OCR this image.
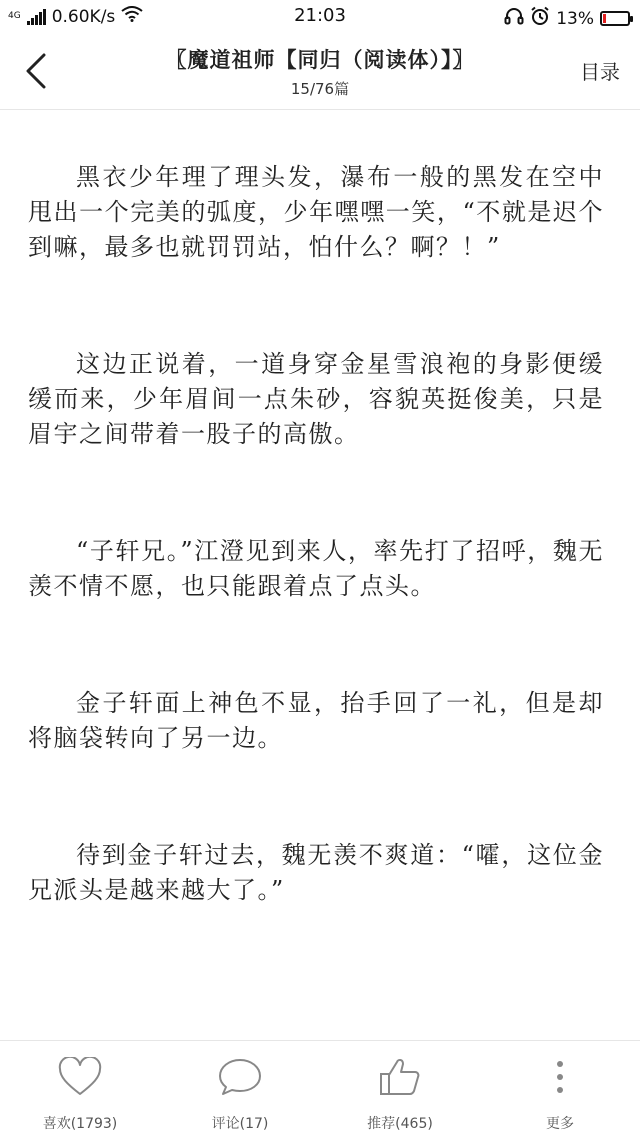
4G 0.60K/s	21:03	13%
〖魔道祖师【同归（阅读体）】〗
15/76篇
目录

黑衣少年理了理头发，瀑布一般的黑发在空中甩出一个完美的弧度，少年嘿嘿一笑，“不就是迟个到嘛，最多也就罚罚站，怕什么？啊？！”

这边正说着，一道身穿金星雪浪袍的身影便缓缓而来，少年眉间一点朱砂，容貌英挺俊美，只是眉宇之间带着一股子的高傲。

“子轩兄。”江澄见到来人，率先打了招呼，魏无羡不情不愿，也只能跟着点了点头。

金子轩面上神色不显，抬手回了一礼，但是却将脑袋转向了另一边。

待到金子轩过去，魏无羡不爽道：“嚯，这位金兄派头是越来越大了。”

喜欢(1793)	评论(17)	推荐(465)	更多
